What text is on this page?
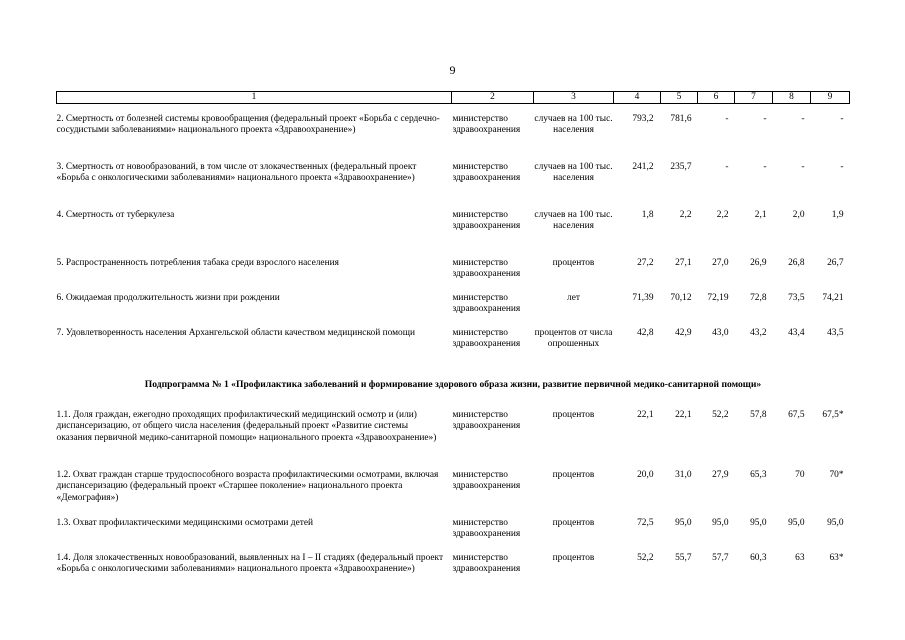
9
1	2	3	4	5	6	7	8	9

2. Смертность от болезней системы кровообращения (федеральный проект «Борьба с сердечно-сосудистыми заболеваниями» национального проекта «Здравоохранение»)	министерство здравоохранения	случаев на 100 тыс. населения	793,2	781,6	-	-	-	-

3. Смертность от новообразований, в том числе от злокачественных (федеральный проект «Борьба с онкологическими заболеваниями» национального проекта «Здравоохранение»)	министерство здравоохранения	случаев на 100 тыс. населения	241,2	235,7	-	-	-	-

4. Смертность от туберкулеза	министерство здравоохранения	случаев на 100 тыс. населения	1,8	2,2	2,2	2,1	2,0	1,9

5. Распространенность потребления табака среди взрослого населения	министерство здравоохранения	процентов	27,2	27,1	27,0	26,9	26,8	26,7

6. Ожидаемая продолжительность жизни при рождении	министерство здравоохранения	лет	71,39	70,12	72,19	72,8	73,5	74,21

7. Удовлетворенность населения Архангельской области качеством медицинской помощи	министерство здравоохранения	процентов от числа опрошенных	42,8	42,9	43,0	43,2	43,4	43,5

Подпрограмма № 1 «Профилактика заболеваний и формирование здорового образа жизни, развитие первичной медико-санитарной помощи»								

1.1. Доля граждан, ежегодно проходящих профилактический медицинский осмотр и (или) диспансеризацию, от общего числа населения (федеральный проект «Развитие системы оказания первичной медико-санитарной помощи» национального проекта «Здравоохранение»)	министерство здравоохранения	процентов	22,1	22,1	52,2	57,8	67,5	67,5*

1.2. Охват граждан старше трудоспособного возраста профилактическими осмотрами, включая диспансеризацию (федеральный проект «Старшее поколение» национального проекта «Демография»)	министерство здравоохранения	процентов	20,0	31,0	27,9	65,3	70	70*

1.3. Охват профилактическими медицинскими осмотрами детей	министерство здравоохранения	процентов	72,5	95,0	95,0	95,0	95,0	95,0

1.4. Доля злокачественных новообразований, выявленных на I – II стадиях (федеральный проект «Борьба с онкологическими заболеваниями» национального проекта «Здравоохранение»)	министерство здравоохранения	процентов	52,2	55,7	57,7	60,3	63	63*
